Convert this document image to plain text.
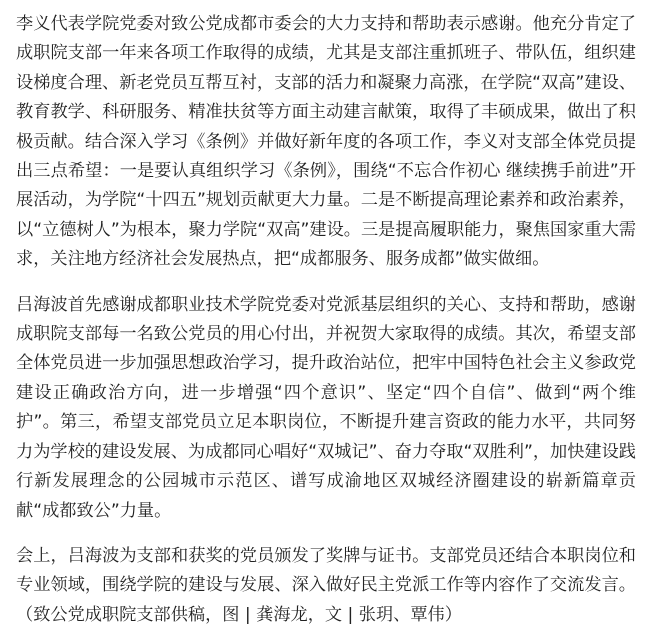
李义代表学院党委对致公党成都市委会的大力支持和帮助表示感谢。他充分肯定了成职院支部一年来各项工作取得的成绩，尤其是支部注重抓班子、带队伍，组织建设梯度合理、新老党员互帮互衬，支部的活力和凝聚力高涨，在学院“双高”建设、教育教学、科研服务、精准扶贫等方面主动建言献策，取得了丰硕成果，做出了积极贡献。结合深入学习《条例》并做好新年度的各项工作，李义对支部全体党员提出三点希望：一是要认真组织学习《条例》，围绕“不忘合作初心 继续携手前进”开展活动，为学院“十四五”规划贡献更大力量。二是不断提高理论素养和政治素养，以“立德树人”为根本，聚力学院“双高”建设。三是提高履职能力，聚焦国家重大需求，关注地方经济社会发展热点，把“成都服务、服务成都”做实做细。

吕海波首先感谢成都职业技术学院党委对党派基层组织的关心、支持和帮助，感谢成职院支部每一名致公党员的用心付出，并祝贺大家取得的成绩。其次，希望支部全体党员进一步加强思想政治学习，提升政治站位，把牢中国特色社会主义参政党建设正确政治方向，进一步增强“四个意识”、坚定“四个自信”、做到“两个维护”。第三，希望支部党员立足本职岗位，不断提升建言资政的能力水平，共同努力为学校的建设发展、为成都同心唱好“双城记”、奋力夺取“双胜利”，加快建设践行新发展理念的公园城市示范区、谱写成渝地区双城经济圈建设的崭新篇章贡献“成都致公”力量。

会上，吕海波为支部和获奖的党员颁发了奖牌与证书。支部党员还结合本职岗位和专业领域，围绕学院的建设与发展、深入做好民主党派工作等内容作了交流发言。（致公党成职院支部供稿，图 | 龚海龙，文 | 张玥、覃伟）
